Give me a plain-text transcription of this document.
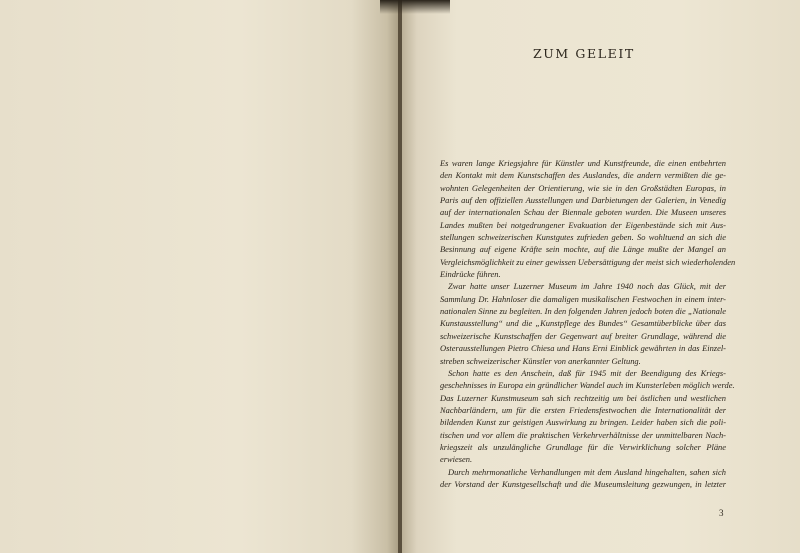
ZUM GELEIT
Es waren lange Kriegsjahre für Künstler und Kunstfreunde, die einen entbehrten
den Kontakt mit dem Kunstschaffen des Auslandes, die andern vermißten die ge-
wohnten Gelegenheiten der Orientierung, wie sie in den Großstädten Europas, in
Paris auf den offiziellen Ausstellungen und Darbietungen der Galerien, in Venedig
auf der internationalen Schau der Biennale geboten wurden. Die Museen unseres
Landes mußten bei notgedrungener Evakuation der Eigenbestände sich mit Aus-
stellungen schweizerischen Kunstgutes zufrieden geben. So wohltuend an sich die
Besinnung auf eigene Kräfte sein mochte, auf die Länge mußte der Mangel an
Vergleichsmöglichkeit zu einer gewissen Uebersättigung der meist sich wiederholenden
Eindrücke führen.
Zwar hatte unser Luzerner Museum im Jahre 1940 noch das Glück, mit der
Sammlung Dr. Hahnloser die damaligen musikalischen Festwochen in einem inter-
nationalen Sinne zu begleiten. In den folgenden Jahren jedoch boten die „Nationale
Kunstausstellung“ und die „Kunstpflege des Bundes“ Gesamtüberblicke über das
schweizerische Kunstschaffen der Gegenwart auf breiter Grundlage, während die
Osterausstellungen Pietro Chiesa und Hans Erni Einblick gewährten in das Einzel-
streben schweizerischer Künstler von anerkannter Geltung.
Schon hatte es den Anschein, daß für 1945 mit der Beendigung des Kriegs-
geschehnisses in Europa ein gründlicher Wandel auch im Kunsterleben möglich werde.
Das Luzerner Kunstmuseum sah sich rechtzeitig um bei östlichen und westlichen
Nachbarländern, um für die ersten Friedensfestwochen die Internationalität der
bildenden Kunst zur geistigen Auswirkung zu bringen. Leider haben sich die poli-
tischen und vor allem die praktischen Verkehrverhältnisse der unmittelbaren Nach-
kriegszeit als unzulängliche Grundlage für die Verwirklichung solcher Pläne
erwiesen.
Durch mehrmonatliche Verhandlungen mit dem Ausland hingehalten, sahen sich
der Vorstand der Kunstgesellschaft und die Museumsleitung gezwungen, in letzter
3
